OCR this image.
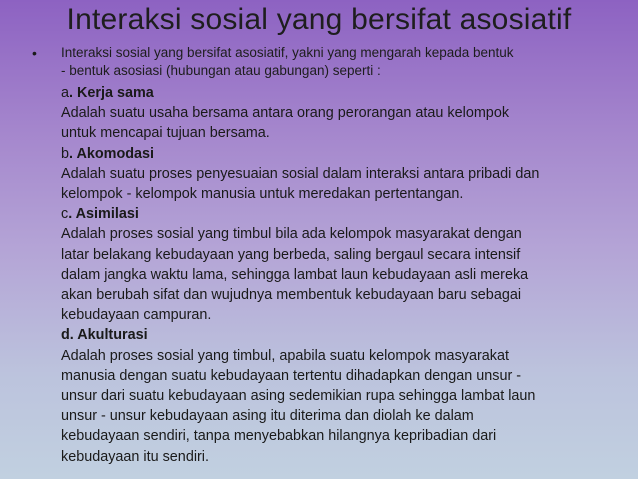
Interaksi sosial yang bersifat asosiatif
• Interaksi sosial yang bersifat asosiatif, yakni yang mengarah kepada bentuk
- bentuk asosiasi (hubungan atau gabungan) seperti :
a. Kerja sama
Adalah suatu usaha bersama antara orang perorangan atau kelompok
untuk mencapai tujuan bersama.
b. Akomodasi
Adalah suatu proses penyesuaian sosial dalam interaksi antara pribadi dan
kelompok - kelompok manusia untuk meredakan pertentangan.
c. Asimilasi
Adalah proses sosial yang timbul bila ada kelompok masyarakat dengan
latar belakang kebudayaan yang berbeda, saling bergaul secara intensif
dalam jangka waktu lama, sehingga lambat laun kebudayaan asli mereka
akan berubah sifat dan wujudnya membentuk kebudayaan baru sebagai
kebudayaan campuran.
d. Akulturasi
Adalah proses sosial yang timbul, apabila suatu kelompok masyarakat
manusia dengan suatu kebudayaan tertentu dihadapkan dengan unsur -
unsur dari suatu kebudayaan asing sedemikian rupa sehingga lambat laun
unsur - unsur kebudayaan asing itu diterima dan diolah ke dalam
kebudayaan sendiri, tanpa menyebabkan hilangnya kepribadian dari
kebudayaan itu sendiri.
